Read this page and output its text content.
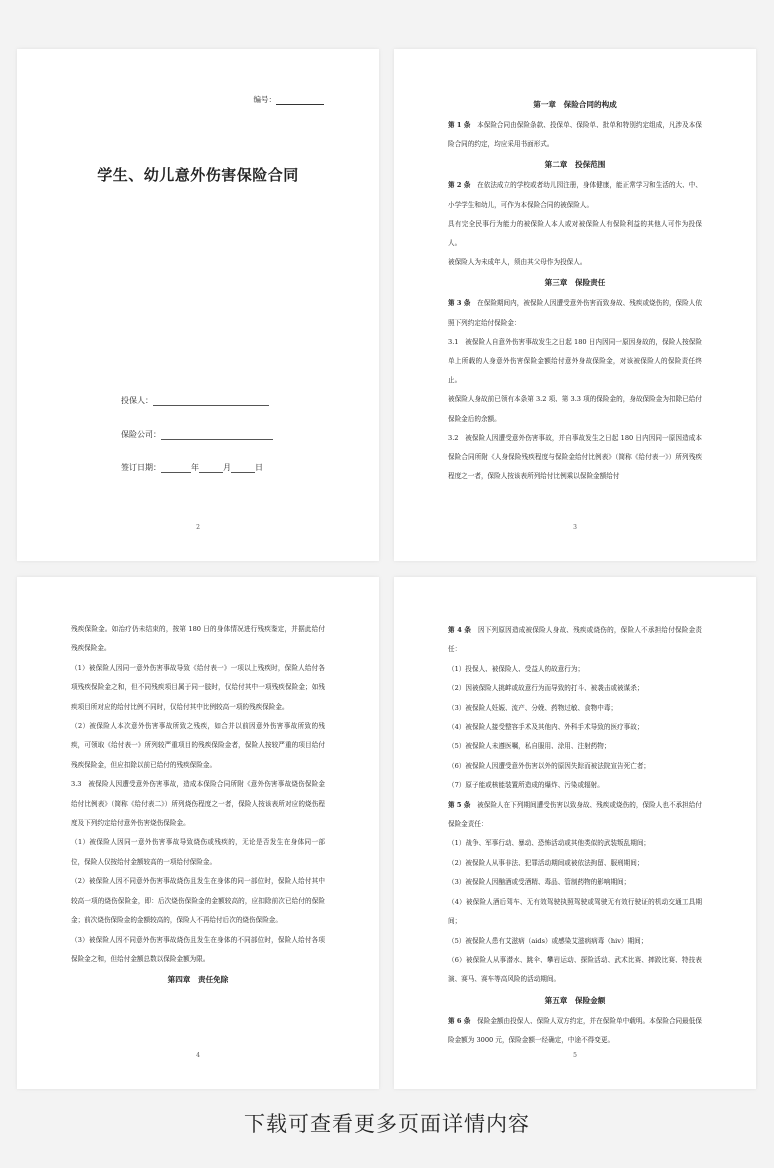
编号：
学生、幼儿意外伤害保险合同
投保人：
保险公司：
签订日期：	年	月	日
2
第一章　保险合同的构成

第 1 条　本保险合同由保险条款、投保单、保险单、批单和特别约定组成，凡涉及本保险合同的约定，均应采用书面形式。

第二章　投保范围

第 2 条　在依法成立的学校或者幼儿园注册，身体健康，能正常学习和生活的大、中、小学学生和幼儿，可作为本保险合同的被保险人。

具有完全民事行为能力的被保险人本人或对被保险人有保险利益的其他人可作为投保人。

被保险人为未成年人，须由其父母作为投保人。

第三章　保险责任

第 3 条　在保险期间内，被保险人因遭受意外伤害而致身故、残疾或烧伤的，保险人依照下列约定给付保险金：

3.1　被保险人自意外伤害事故发生之日起 180 日内因同一原因身故的，保险人按保险单上所载的人身意外伤害保险金额给付意外身故保险金，对该被保险人的保险责任终止。

被保险人身故前已领有本条第 3.2 项、第 3.3 项的保险金的，身故保险金为扣除已给付保险金后的余额。

3.2　被保险人因遭受意外伤害事故，并自事故发生之日起 180 日内因同一原因造成本保险合同所附《人身保险残疾程度与保险金给付比例表》（简称《给付表一》）所列残疾程度之一者，保险人按该表所列给付比例乘以保险金额给付

3

残疾保险金。如治疗仍未结束的，按第 180 日的身体情况进行残疾鉴定，并据此给付残疾保险金。

（1）被保险人因同一意外伤害事故导致《给付表一》一项以上残疾时，保险人给付各项残疾保险金之和，但不同残疾项目属于同一肢时，仅给付其中一项残疾保险金；如残疾项目所对应的给付比例不同时，仅给付其中比例较高一项的残疾保险金。

（2）被保险人本次意外伤害事故所致之残疾，如合并以前因意外伤害事故所致的残疾，可领取《给付表一》所列较严重项目的残疾保险金者，保险人按较严重的项目给付残疾保险金，但应扣除以前已给付的残疾保险金。

3.3　被保险人因遭受意外伤害事故，造成本保险合同所附《意外伤害事故烧伤保险金给付比例表》（简称《给付表二》）所列烧伤程度之一者，保险人按该表所对应的烧伤程度及下列约定给付意外伤害烧伤保险金。

（1）被保险人因同一意外伤害事故导致烧伤或残疾的，无论是否发生在身体同一部位，保险人仅按给付金额较高的一项给付保险金。

（2）被保险人因不同意外伤害事故烧伤且发生在身体的同一部位时，保险人给付其中较高一项的烧伤保险金，即：后次烧伤保险金的金额较高的，应扣除前次已给付的保险金；前次烧伤保险金的金额较高的，保险人不再给付后次的烧伤保险金。

（3）被保险人因不同意外伤害事故烧伤且发生在身体的不同部位时，保险人给付各项保险金之和，但给付金额总数以保险金额为限。

第四章　责任免除
4

第 4 条　因下列原因造成被保险人身故、残疾或烧伤的，保险人不承担给付保险金责任：

（1）投保人、被保险人、受益人的故意行为；

（2）因被保险人挑衅或故意行为而导致的打斗、被袭击或被谋杀；

（3）被保险人妊娠、流产、分娩、药物过敏、食物中毒；

（4）被保险人接受整容手术及其他内、外科手术导致的医疗事故；

（5）被保险人未遵医嘱，私自服用、涂用、注射药物；

（6）被保险人因遭受意外伤害以外的原因失踪而被法院宣告死亡者；

（7）原子能或核能装置所造成的爆炸、污染或辐射。

第 5 条　被保险人在下列期间遭受伤害以致身故、残疾或烧伤的，保险人也不承担给付保险金责任：

（1）战争、军事行动、暴动、恐怖活动或其他类似的武装叛乱期间；

（2）被保险人从事非法、犯罪活动期间或被依法拘留、服刑期间；

（3）被保险人因酗酒或受酒精、毒品、管制药物的影响期间；

（4）被保险人酒后驾车、无有效驾驶执照驾驶或驾驶无有效行驶证的机动交通工具期间；

（5）被保险人患有艾滋病（aids）或感染艾滋病病毒（hiv）期间；

（6）被保险人从事潜水、跳伞、攀岩运动、探险活动、武术比赛、摔跤比赛、特技表演、赛马、赛车等高风险的活动期间。

第五章　保险金额

第 6 条　保险金额由投保人、保险人双方约定，并在保险单中载明。本保险合同最低保险金额为 3000 元，保险金额一经确定，中途不得变更。

5
下载可查看更多页面详情内容
